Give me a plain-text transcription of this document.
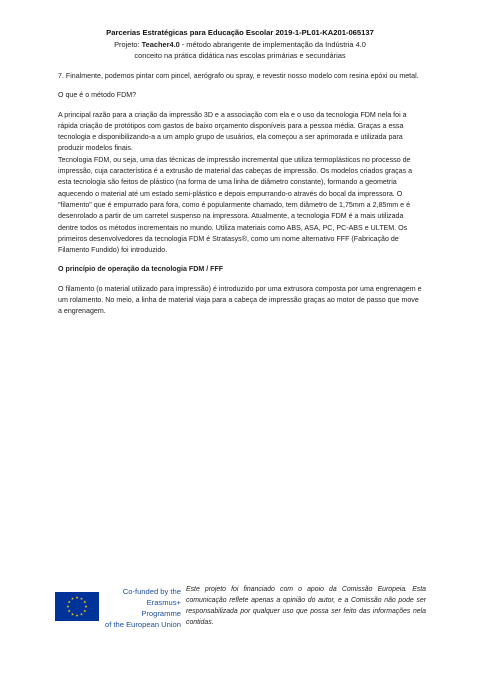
Parcerias Estratégicas para Educação Escolar 2019-1-PL01-KA201-065137
Projeto: Teacher4.0 - método abrangente de implementação da Indústria 4.0
conceito na prática didática nas escolas primárias e secundárias

7. Finalmente, podemos pintar com pincel, aerógrafo ou spray, e revestir nosso modelo com resina epóxi ou metal.

O que é o método FDM?

A principal razão para a criação da impressão 3D e a associação com ela e o uso da tecnologia FDM nela foi a rápida criação de protótipos com gastos de baixo orçamento disponíveis para a pessoa média. Graças a essa tecnologia e disponibilizando-a a um amplo grupo de usuários, ela começou a ser aprimorada e utilizada para produzir modelos finais.

Tecnologia FDM, ou seja, uma das técnicas de impressão incremental que utiliza termoplásticos no processo de impressão, cuja característica é a extrusão de material das cabeças de impressão. Os modelos criados graças a esta tecnologia são feitos de plástico (na forma de uma linha de diâmetro constante), formando a geometria aquecendo o material até um estado semi-plástico e depois empurrando-o através do bocal da impressora. O "filamento" que é empurrado para fora, como é popularmente chamado, tem diâmetro de 1,75mm a 2,85mm e é desenrolado a partir de um carretel suspenso na impressora. Atualmente, a tecnologia FDM é a mais utilizada dentre todos os métodos incrementais no mundo. Utiliza materiais como ABS, ASA, PC, PC-ABS e ULTEM. Os primeiros desenvolvedores da tecnologia FDM é Stratasys®, como um nome alternativo FFF (Fabricação de Filamento Fundido) foi introduzido.

O princípio de operação da tecnologia FDM / FFF

O filamento (o material utilizado para impressão) é introduzido por uma extrusora composta por uma engrenagem e um rolamento. No meio, a linha de material viaja para a cabeça de impressão graças ao motor de passo que move a engrenagem.

Co-funded by the
Erasmus+ Programme
of the European Union
Este projeto foi financiado com o apoio da Comissão Europeia. Esta comunicação reflete apenas a opinião do autor, e a Comissão não pode ser responsabilizada por qualquer uso que possa ser feito das informações nela contidas.
